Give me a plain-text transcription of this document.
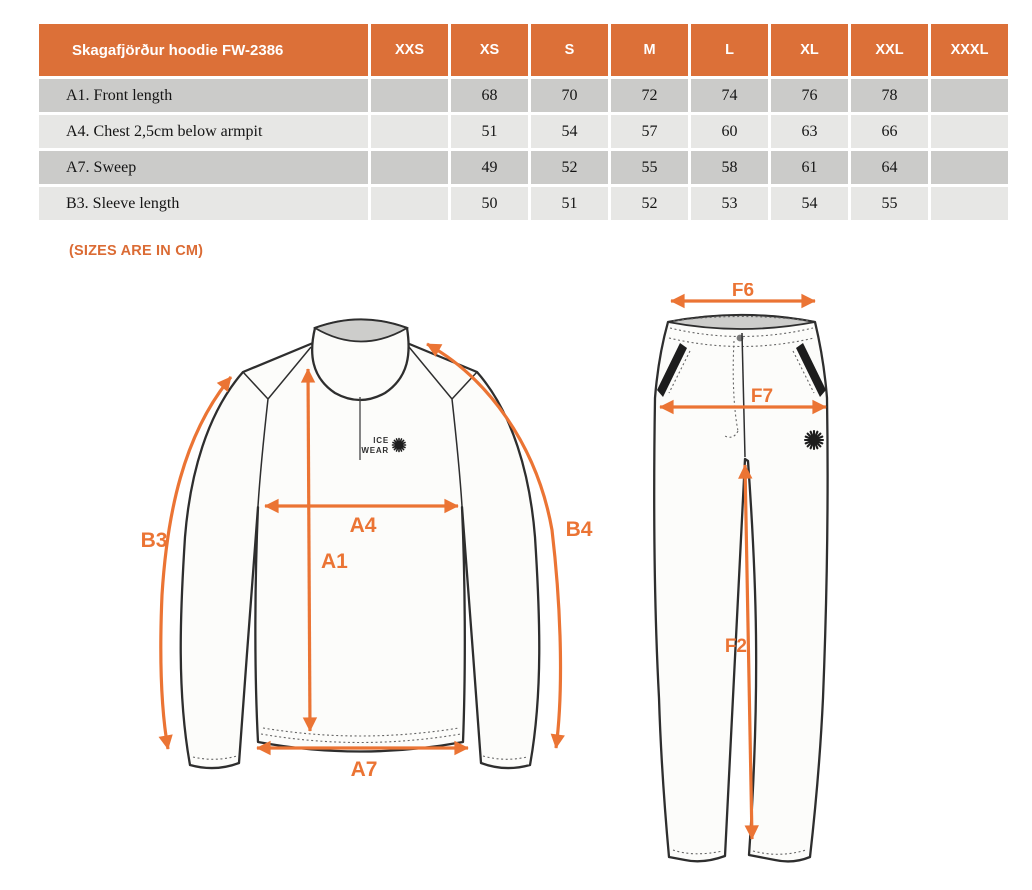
Skagafjörður hoodie FW-2386	XXS	XS	S	M	L	XL	XXL	XXXL
A1. Front length		68	70	72	74	76	78	
A4. Chest 2,5cm below armpit		51	54	57	60	63	66	
A7. Sweep		49	52	55	58	61	64	
B3. Sleeve length		50	51	52	53	54	55	
(SIZES ARE IN CM)
ICE
WEAR
B3
A4
A1
B4
A7
F6
F7
F2
